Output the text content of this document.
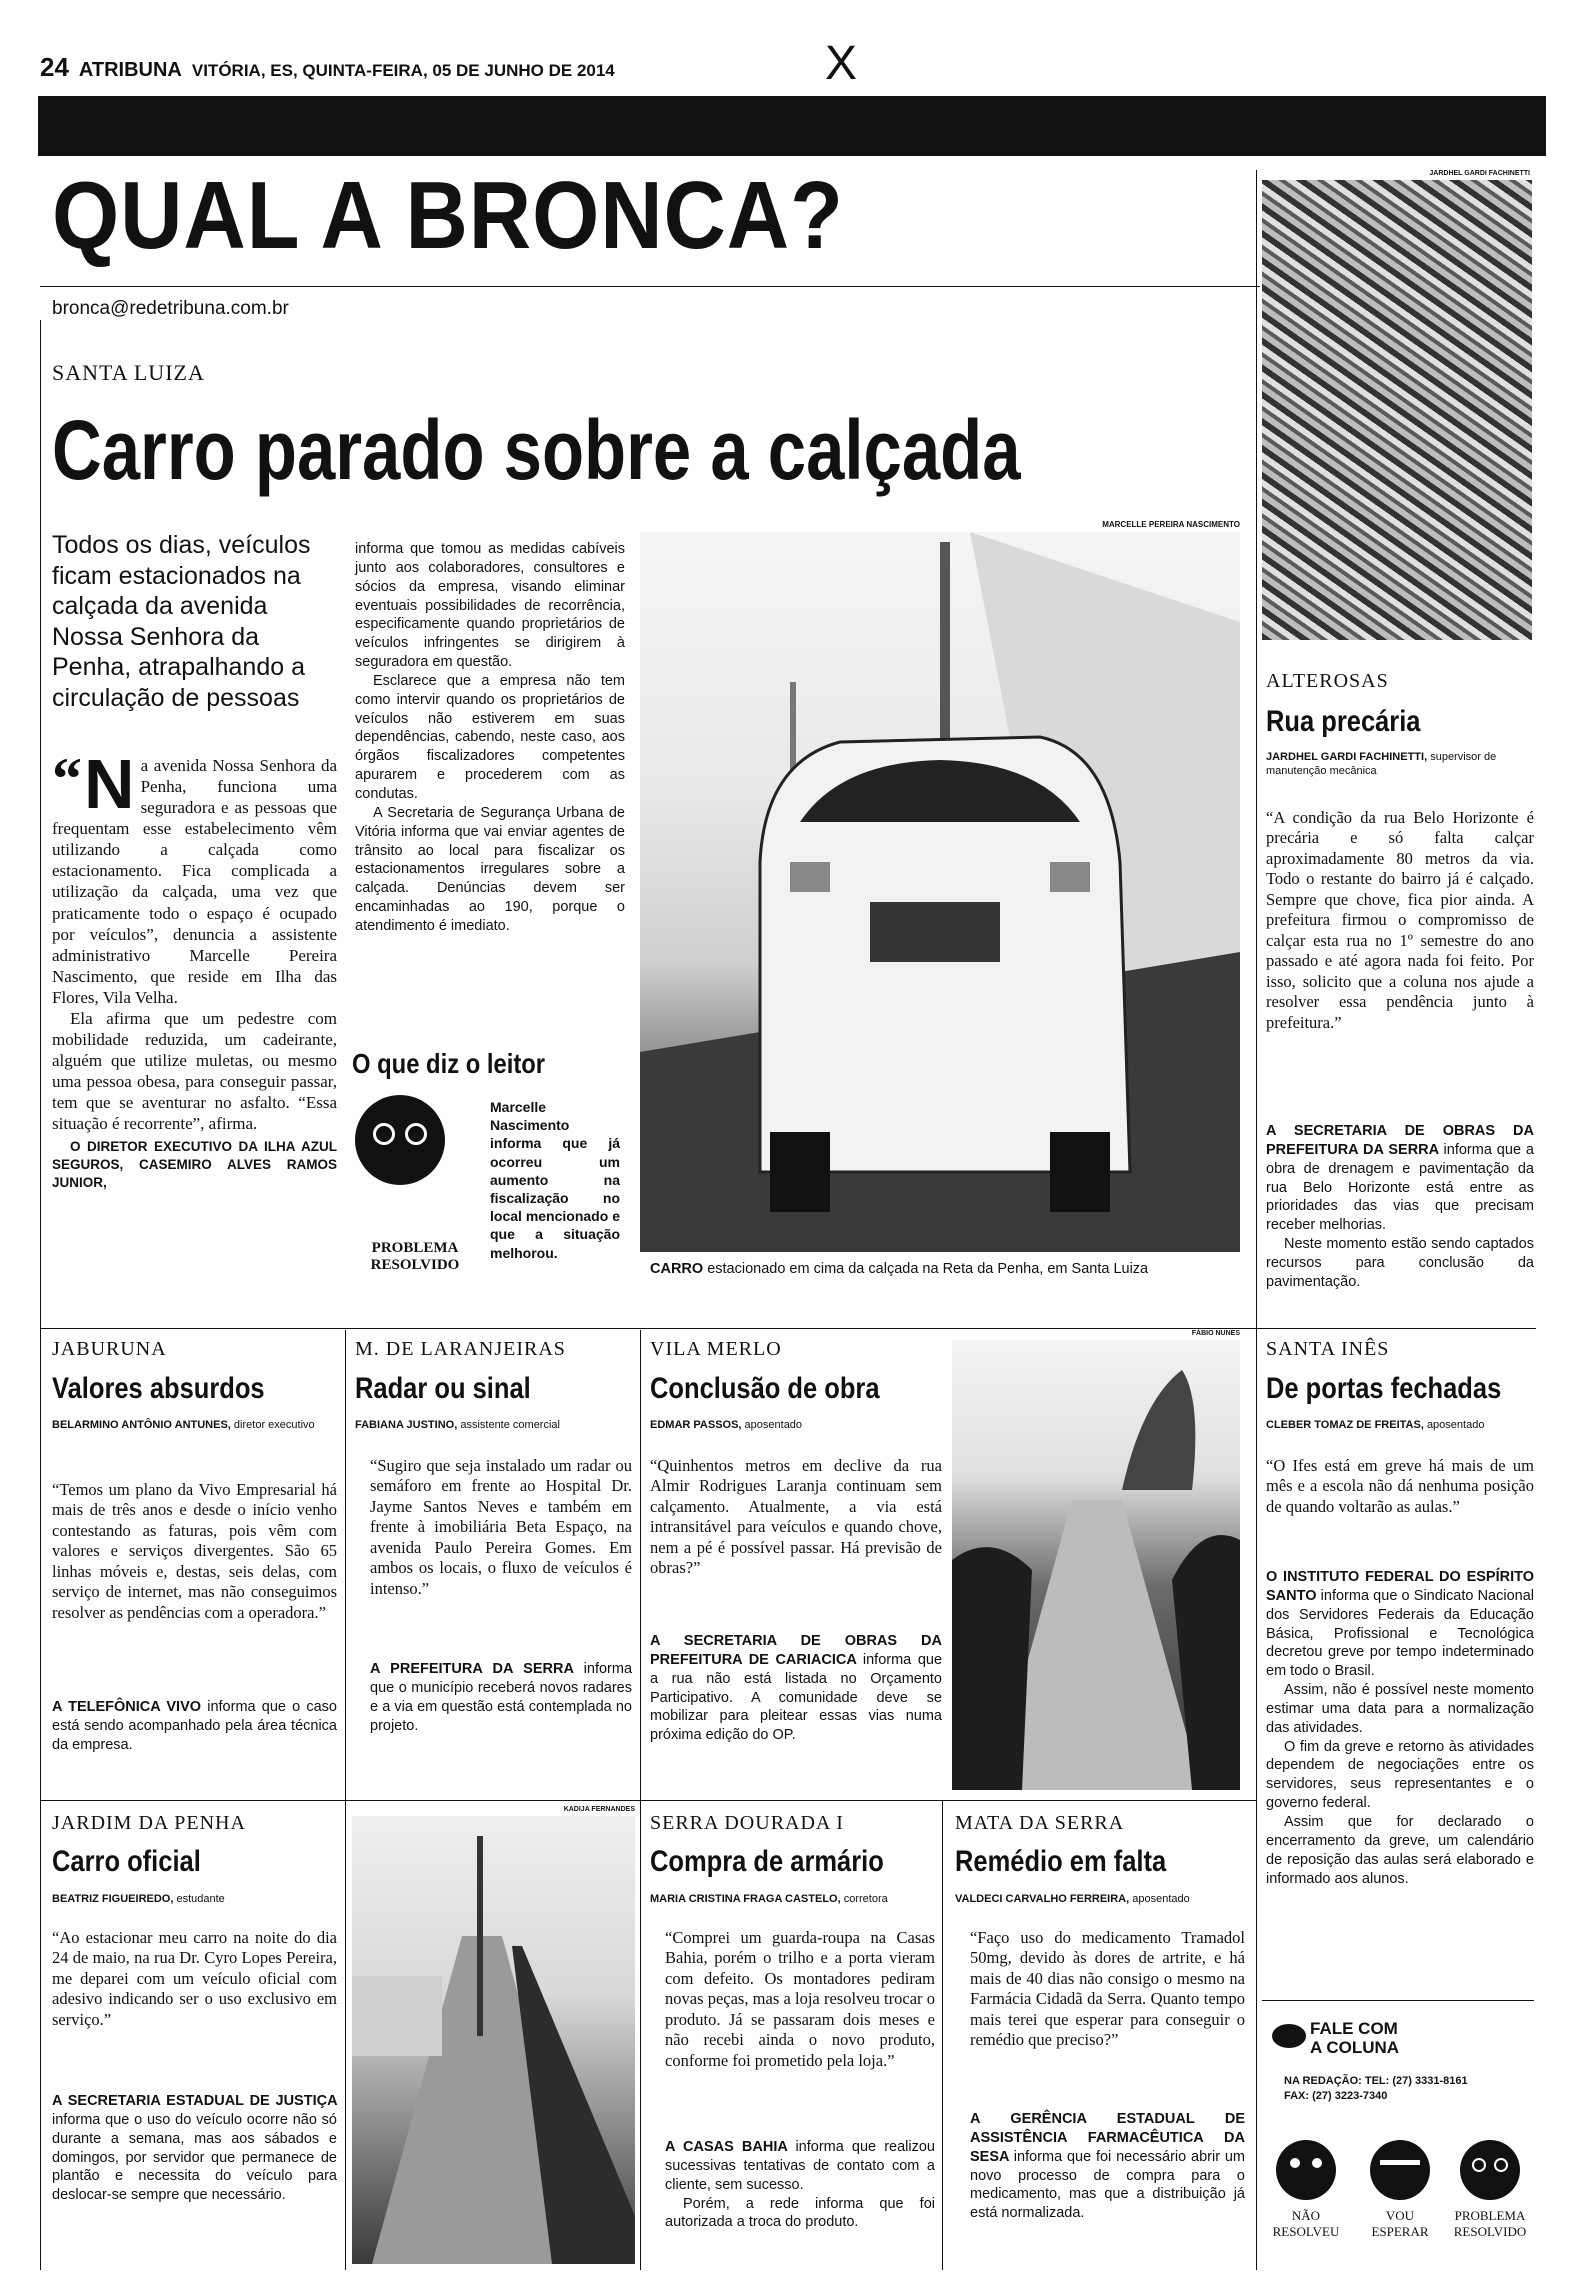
24 ATRIBUNA VITÓRIA, ES, QUINTA-FEIRA, 05 DE JUNHO DE 2014	X
QUAL A BRONCA?
bronca@redetribuna.com.br
SANTA LUIZA
Carro parado sobre a calçada
Todos os dias, veículos ficam estacionados na calçada da avenida Nossa Senhora da Penha, atrapalhando a circulação de pessoas

“ N a avenida Nossa Senhora da Penha, funciona uma seguradora e as pessoas que frequentam esse estabelecimento vêm utilizando a calçada como estacionamento. Fica complicada a utilização da calçada, uma vez que praticamente todo o espaço é ocupado por veículos”, denuncia a assistente administrativo Marcelle Pereira Nascimento, que reside em Ilha das Flores, Vila Velha.

Ela afirma que um pedestre com mobilidade reduzida, um cadeirante, alguém que utilize muletas, ou mesmo uma pessoa obesa, para conseguir passar, tem que se aventurar no asfalto. “Essa situação é recorrente”, afirma.

O DIRETOR EXECUTIVO DA ILHA AZUL SEGUROS, CASEMIRO ALVES RAMOS JUNIOR,

informa que tomou as medidas cabíveis junto aos colaboradores, consultores e sócios da empresa, visando eliminar eventuais possibilidades de recorrência, especificamente quando proprietários de veículos infringentes se dirigirem à seguradora em questão.

Esclarece que a empresa não tem como intervir quando os proprietários de veículos não estiverem em suas dependências, cabendo, neste caso, aos órgãos fiscalizadores competentes apurarem e procederem com as condutas.

A Secretaria de Segurança Urbana de Vitória informa que vai enviar agentes de trânsito ao local para fiscalizar os estacionamentos irregulares sobre a calçada. Denúncias devem ser encaminhadas ao 190, porque o atendimento é imediato.

MARCELLE PEREIRA NASCIMENTO
CARRO estacionado em cima da calçada na Reta da Penha, em Santa Luiza
O que diz o leitor
Marcelle Nascimento informa que já ocorreu um aumento na fiscalização no local mencionado e que a situação melhorou.
PROBLEMA
RESOLVIDO
JARDHEL GARDI FACHINETTI
ALTEROSAS
Rua precária
JARDHEL GARDI FACHINETTI, supervisor de manutenção mecânica
“A condição da rua Belo Horizonte é precária e só falta calçar aproximadamente 80 metros da via. Todo o restante do bairro já é calçado. Sempre que chove, fica pior ainda. A prefeitura firmou o compromisso de calçar esta rua no 1º semestre do ano passado e até agora nada foi feito. Por isso, solicito que a coluna nos ajude a resolver essa pendência junto à prefeitura.”

A SECRETARIA DE OBRAS DA PREFEITURA DA SERRA informa que a obra de drenagem e pavimentação da rua Belo Horizonte está entre as prioridades das vias que precisam receber melhorias.

Neste momento estão sendo captados recursos para conclusão da pavimentação.

JABURUNA
Valores absurdos
BELARMINO ANTÔNIO ANTUNES, diretor executivo
“Temos um plano da Vivo Empresarial há mais de três anos e desde o início venho contestando as faturas, pois vêm com valores e serviços divergentes. São 65 linhas móveis e, destas, seis delas, com serviço de internet, mas não conseguimos resolver as pendências com a operadora.”
A TELEFÔNICA VIVO informa que o caso está sendo acompanhado pela área técnica da empresa.
M. DE LARANJEIRAS
Radar ou sinal
FABIANA JUSTINO, assistente comercial
“Sugiro que seja instalado um radar ou semáforo em frente ao Hospital Dr. Jayme Santos Neves e também em frente à imobiliária Beta Espaço, na avenida Paulo Pereira Gomes. Em ambos os locais, o fluxo de veículos é intenso.”
A PREFEITURA DA SERRA informa que o município receberá novos radares e a via em questão está contemplada no projeto.
VILA MERLO
Conclusão de obra
EDMAR PASSOS, aposentado
“Quinhentos metros em declive da rua Almir Rodrigues Laranja continuam sem calçamento. Atualmente, a via está intransitável para veículos e quando chove, nem a pé é possível passar. Há previsão de obras?”
A SECRETARIA DE OBRAS DA PREFEITURA DE CARIACICA informa que a rua não está listada no Orçamento Participativo. A comunidade deve se mobilizar para pleitear essas vias numa próxima edição do OP.
FÁBIO NUNES
SANTA INÊS
De portas fechadas
CLEBER TOMAZ DE FREITAS, aposentado
“O Ifes está em greve há mais de um mês e a escola não dá nenhuma posição de quando voltarão as aulas.”

O INSTITUTO FEDERAL DO ESPÍRITO SANTO informa que o Sindicato Nacional dos Servidores Federais da Educação Básica, Profissional e Tecnológica decretou greve por tempo indeterminado em todo o Brasil.

Assim, não é possível neste momento estimar uma data para a normalização das atividades.

O fim da greve e retorno às atividades dependem de negociações entre os servidores, seus representantes e o governo federal.

Assim que for declarado o encerramento da greve, um calendário de reposição das aulas será elaborado e informado aos alunos.

JARDIM DA PENHA
Carro oficial
BEATRIZ FIGUEIREDO, estudante
“Ao estacionar meu carro na noite do dia 24 de maio, na rua Dr. Cyro Lopes Pereira, me deparei com um veículo oficial com adesivo indicando ser o uso exclusivo em serviço.”
A SECRETARIA ESTADUAL DE JUSTIÇA informa que o uso do veículo ocorre não só durante a semana, mas aos sábados e domingos, por servidor que permanece de plantão e necessita do veículo para deslocar-se sempre que necessário.
KADIJA FERNANDES
SERRA DOURADA I
Compra de armário
MARIA CRISTINA FRAGA CASTELO, corretora
“Comprei um guarda-roupa na Casas Bahia, porém o trilho e a porta vieram com defeito. Os montadores pediram novas peças, mas a loja resolveu trocar o produto. Já se passaram dois meses e não recebi ainda o novo produto, conforme foi prometido pela loja.”

A CASAS BAHIA informa que realizou sucessivas tentativas de contato com a cliente, sem sucesso.

Porém, a rede informa que foi autorizada a troca do produto.

MATA DA SERRA
Remédio em falta
VALDECI CARVALHO FERREIRA, aposentado
“Faço uso do medicamento Tramadol 50mg, devido às dores de artrite, e há mais de 40 dias não consigo o mesmo na Farmácia Cidadã da Serra. Quanto tempo mais terei que esperar para conseguir o remédio que preciso?”
A GERÊNCIA ESTADUAL DE ASSISTÊNCIA FARMACÊUTICA DA SESA informa que foi necessário abrir um novo processo de compra para o medicamento, mas que a distribuição já está normalizada.
FALE COM
A COLUNA
NA REDAÇÃO: TEL: (27) 3331-8161
FAX: (27) 3223-7340
NÃO
RESOLVEU
VOU
ESPERAR
PROBLEMA
RESOLVIDO
